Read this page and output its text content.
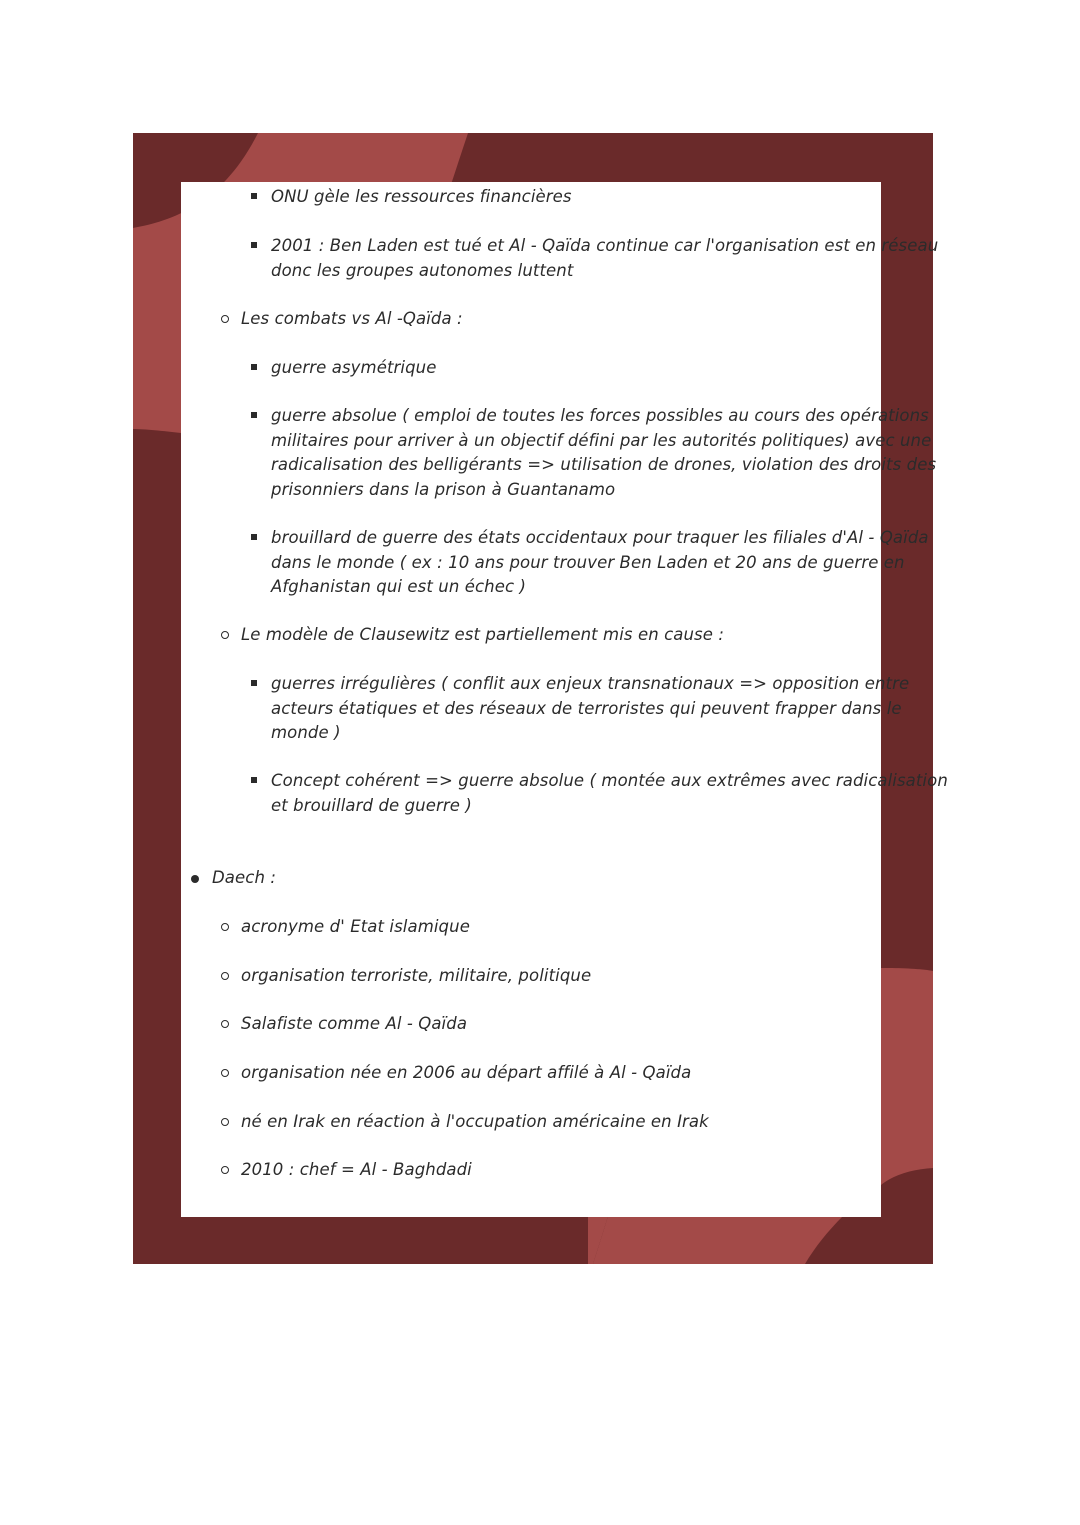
ONU gèle les ressources financières
2001 : Ben Laden est tué et Al - Qaïda continue car l'organisation est en réseau
donc les groupes autonomes luttent
Les combats vs Al -Qaïda :
guerre asymétrique
guerre absolue ( emploi de toutes les forces possibles au cours des opérations
militaires pour arriver à un objectif défini par les autorités politiques) avec une
radicalisation des belligérants => utilisation de drones, violation des droits des
prisonniers dans la prison à Guantanamo
brouillard de guerre des états occidentaux pour traquer les filiales d'Al - Qaïda
dans le monde ( ex : 10 ans pour trouver Ben Laden et 20 ans de guerre en
Afghanistan qui est un échec )
Le modèle de Clausewitz est partiellement mis en cause :
guerres irrégulières ( conflit aux enjeux transnationaux => opposition entre
acteurs étatiques et des réseaux de terroristes qui peuvent frapper dans le
monde )
Concept cohérent => guerre absolue ( montée aux extrêmes avec radicalisation
et brouillard de guerre )
Daech :
acronyme d' Etat islamique
organisation terroriste, militaire, politique
Salafiste comme Al - Qaïda
organisation née en 2006 au départ affilé à Al - Qaïda
né en Irak en réaction à l'occupation américaine en Irak
2010 : chef = Al - Baghdadi
